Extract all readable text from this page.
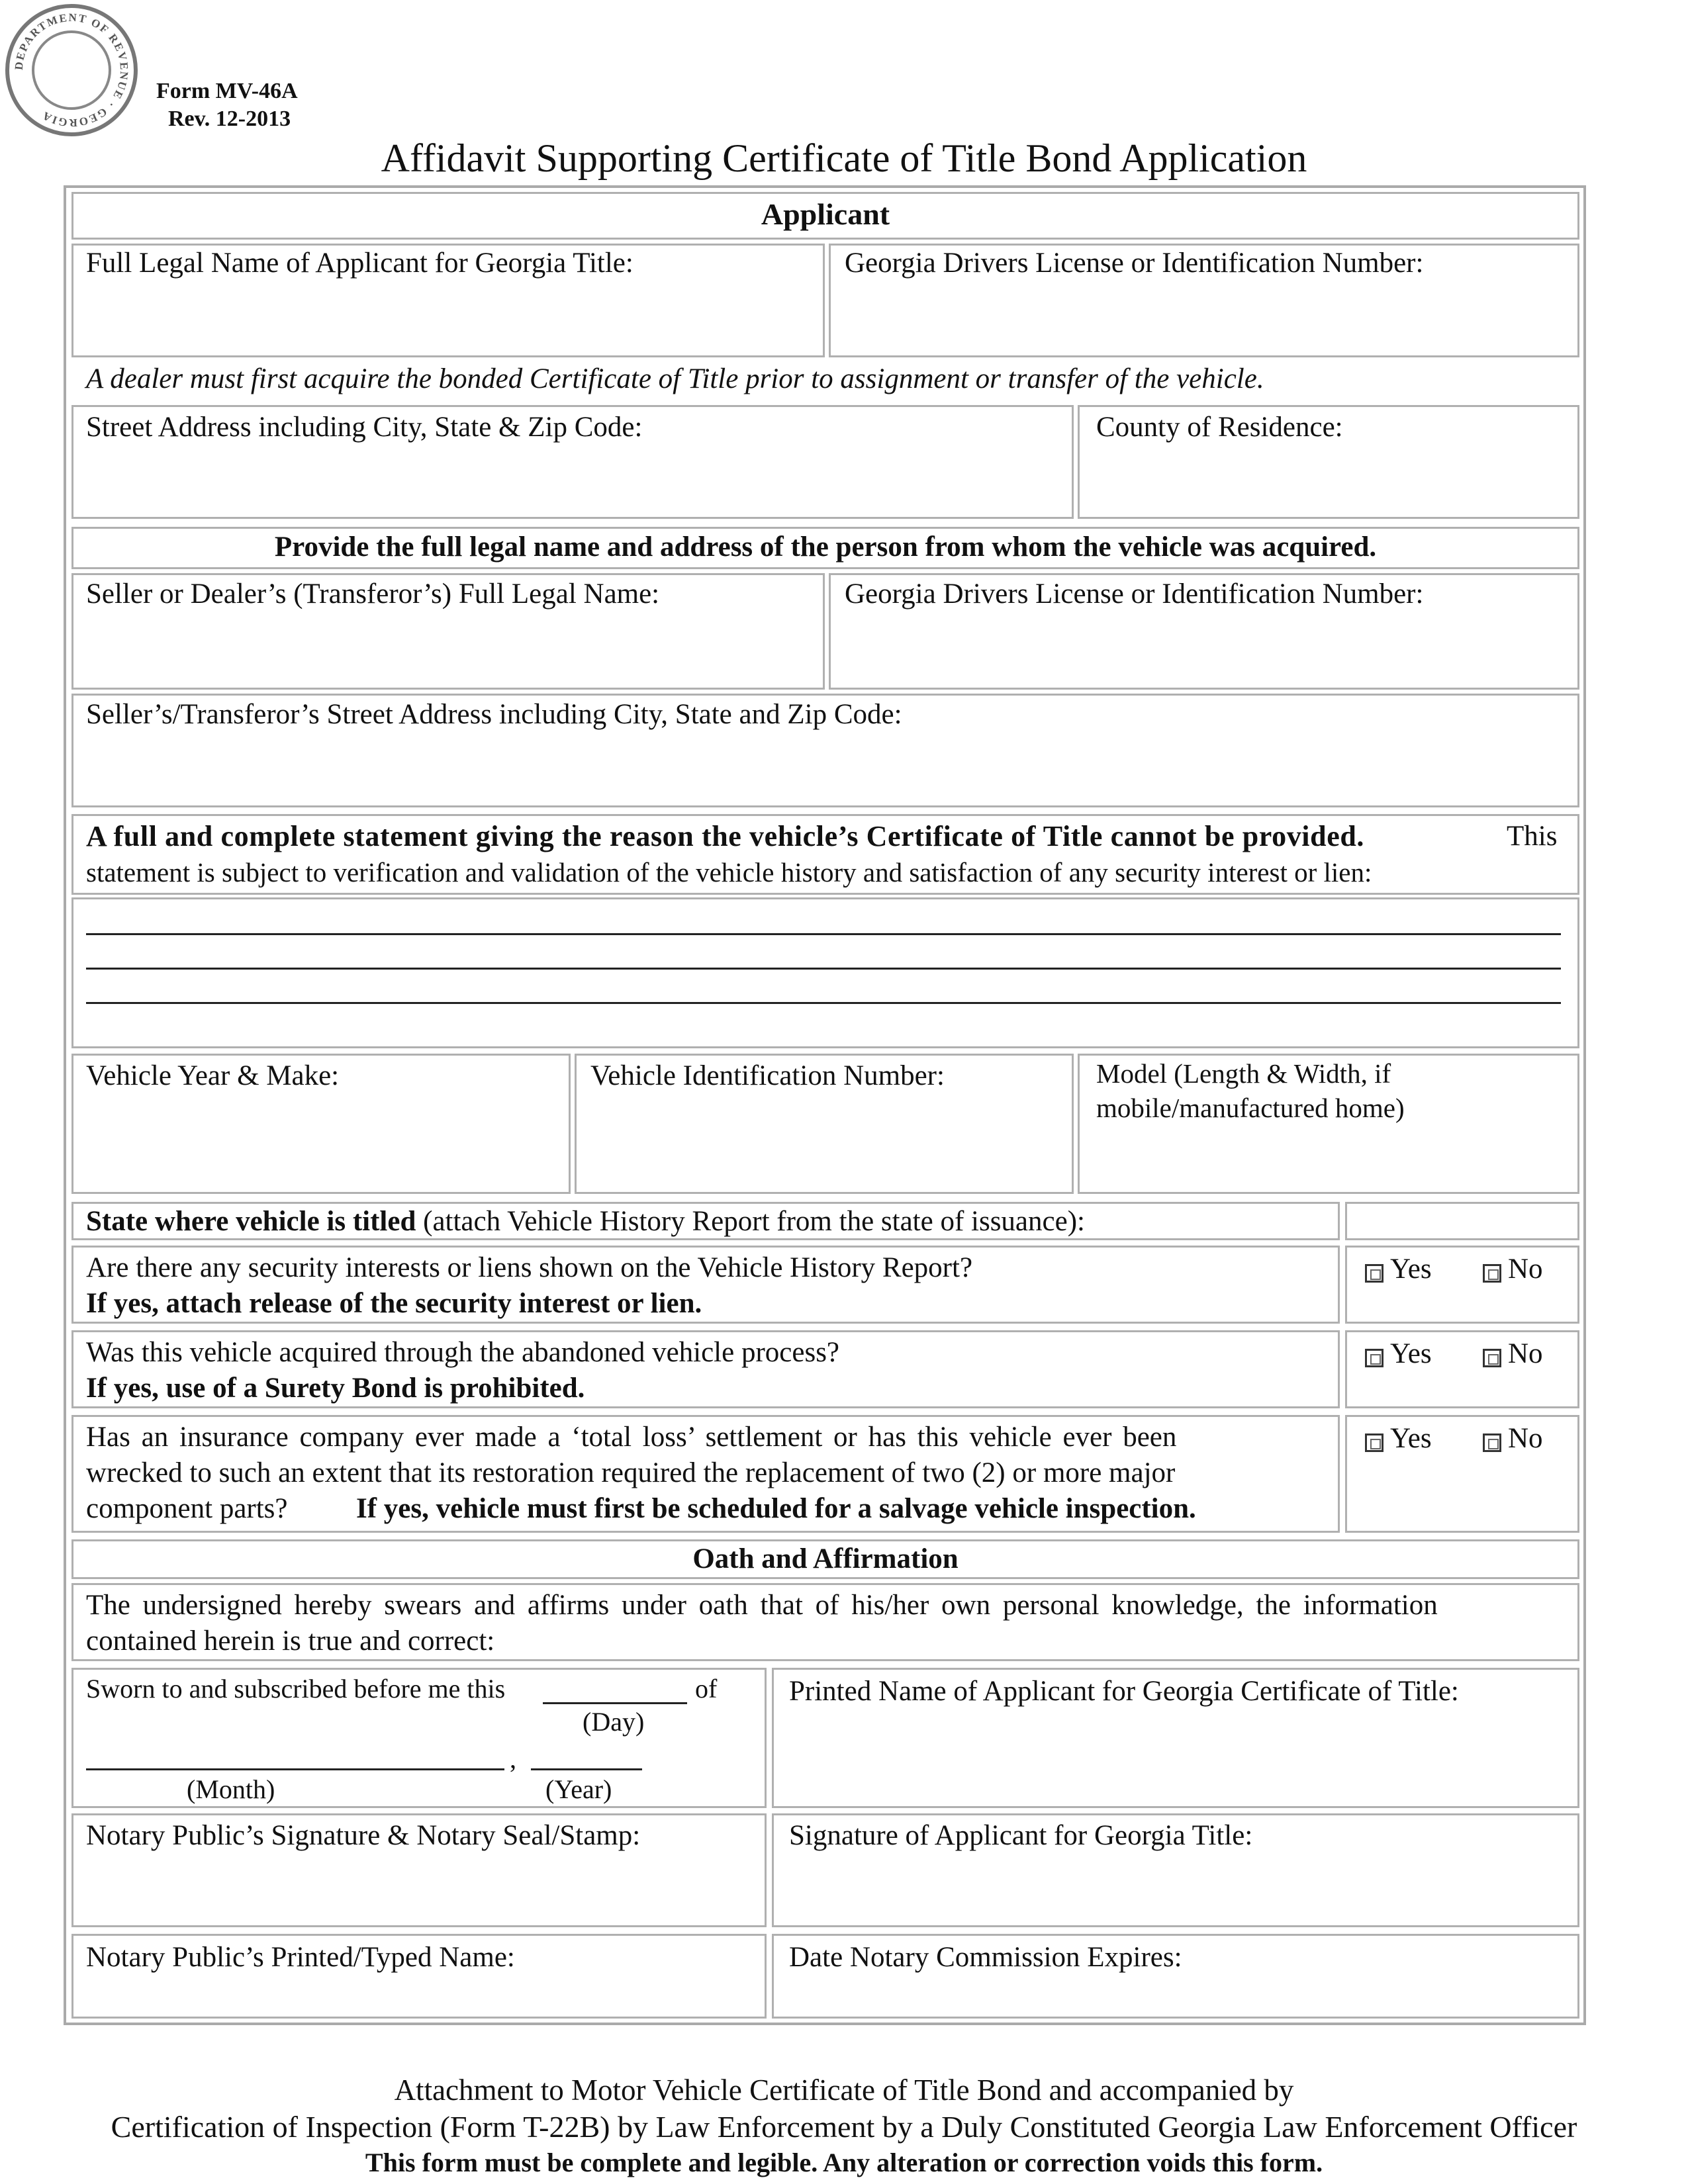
DEPARTMENT OF REVENUE · GEORGIA
Form MV-46A
Rev. 12-2013
Affidavit Supporting Certificate of Title Bond Application
Applicant
Full Legal Name of Applicant for Georgia Title:	Georgia Drivers License or Identification Number:
A dealer must first acquire the bonded Certificate of Title prior to assignment or transfer of the vehicle.
Street Address including City, State & Zip Code:	County of Residence:
Provide the full legal name and address of the person from whom the vehicle was acquired.
Seller or Dealer’s (Transferor’s) Full Legal Name:	Georgia Drivers License or Identification Number:
Seller’s/Transferor’s Street Address including City, State and Zip Code:
A full and complete statement giving the reason the vehicle’s Certificate of Title cannot be provided.	This
statement is subject to verification and validation of the vehicle history and satisfaction of any security interest or lien:
Vehicle Year & Make:	Vehicle Identification Number:	Model (Length & Width, if
mobile/manufactured home)
State where vehicle is titled (attach Vehicle History Report from the state of issuance):
Are there any security interests or liens shown on the Vehicle History Report?
If yes, attach release of the security interest or lien.
Yes	No
Was this vehicle acquired through the abandoned vehicle process?
If yes, use of a Surety Bond is prohibited.
Yes	No
Has an insurance company ever made a ‘total loss’ settlement or has this vehicle ever been
wrecked to such an extent that its restoration required the replacement of two (2) or more major
component parts? If yes, vehicle must first be scheduled for a salvage vehicle inspection.
Yes	No
Oath and Affirmation
The undersigned hereby swears and affirms under oath that of his/her own personal knowledge, the information
contained herein is true and correct:
Sworn to and subscribed before me this	of
(Day)
,
(Month)	(Year)
Printed Name of Applicant for Georgia Certificate of Title:
Notary Public’s Signature & Notary Seal/Stamp:	Signature of Applicant for Georgia Title:
Notary Public’s Printed/Typed Name:	Date Notary Commission Expires:
Attachment to Motor Vehicle Certificate of Title Bond and accompanied by
Certification of Inspection (Form T-22B) by Law Enforcement by a Duly Constituted Georgia Law Enforcement Officer
This form must be complete and legible. Any alteration or correction voids this form.
